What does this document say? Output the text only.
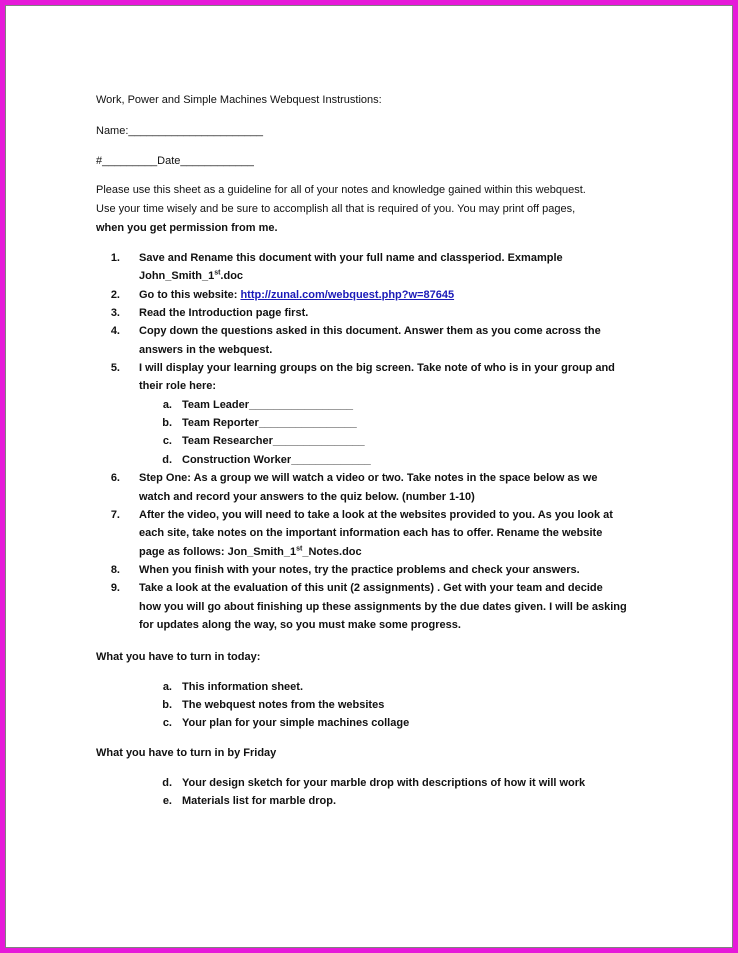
Work, Power and Simple Machines Webquest Instrustions:
Name:______________________
#_________Date____________
Please use this sheet as a guideline for all of your notes and knowledge gained within this webquest.
Use your time wisely and be sure to accomplish all that is required of you. You may print off pages,
when you get permission from me.
1. Save and Rename this document with your full name and classperiod. Exmample
John_Smith_1st.doc
2. Go to this website: http://zunal.com/webquest.php?w=87645
3. Read the Introduction page first.
4. Copy down the questions asked in this document. Answer them as you come across the
answers in the webquest.
5. I will display your learning groups on the big screen. Take note of who is in your group and
their role here:
a. Team Leader_________________
b. Team Reporter________________
c. Team Researcher_______________
d. Construction Worker_____________
6. Step One: As a group we will watch a video or two. Take notes in the space below as we
watch and record your answers to the quiz below. (number 1-10)
7. After the video, you will need to take a look at the websites provided to you. As you look at
each site, take notes on the important information each has to offer. Rename the website
page as follows: Jon_Smith_1st_Notes.doc
8. When you finish with your notes, try the practice problems and check your answers.
9. Take a look at the evaluation of this unit (2 assignments) . Get with your team and decide
how you will go about finishing up these assignments by the due dates given. I will be asking
for updates along the way, so you must make some progress.
What you have to turn in today:
a. This information sheet.
b. The webquest notes from the websites
c. Your plan for your simple machines collage
What you have to turn in by Friday
d. Your design sketch for your marble drop with descriptions of how it will work
e. Materials list for marble drop.
